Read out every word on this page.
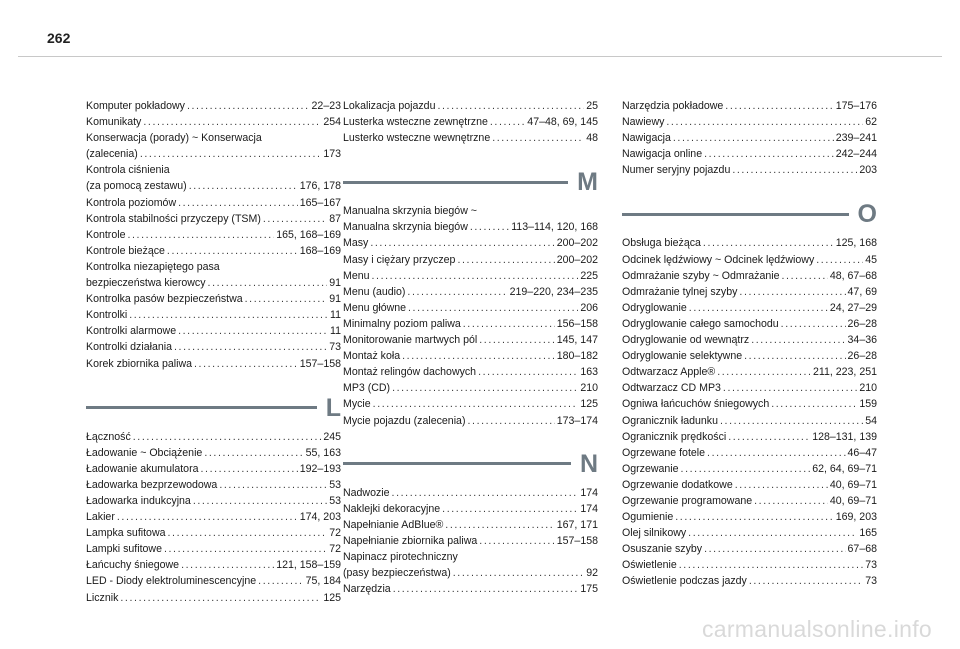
262
Komputer pokładowy .....	22–23
Komunikaty .....	254
Konserwacja (porady) ~ Konserwacja
(zalecenia) .....	173
Kontrola ciśnienia
(za pomocą zestawu) .....	176, 178
Kontrola poziomów .....	165–167
Kontrola stabilności przyczepy (TSM) .....	87
Kontrole .....	165, 168–169
Kontrole bieżące .....	168–169
Kontrolka niezapiętego pasa
bezpieczeństwa kierowcy .....	91
Kontrolka pasów bezpieczeństwa .....	91
Kontrolki .....	11
Kontrolki alarmowe .....	11
Kontrolki działania .....	73
Korek zbiornika paliwa .....	157–158
L
Łączność .....	245
Ładowanie ~ Obciążenie .....	55, 163
Ładowanie akumulatora .....	192–193
Ładowarka bezprzewodowa .....	53
Ładowarka indukcyjna .....	53
Lakier .....	174, 203
Lampka sufitowa .....	72
Lampki sufitowe .....	72
Łańcuchy śniegowe .....	121, 158–159
LED - Diody elektroluminescencyjne .....	75, 184
Licznik .....	125
Lokalizacja pojazdu .....	25
Lusterka wsteczne zewnętrzne .....	47–48, 69, 145
Lusterko wsteczne wewnętrzne .....	48
M
Manualna skrzynia biegów ~
Manualna skrzynia biegów .....	113–114, 120, 168
Masy .....	200–202
Masy i ciężary przyczep .....	200–202
Menu .....	225
Menu (audio) .....	219–220, 234–235
Menu główne .....	206
Minimalny poziom paliwa .....	156–158
Monitorowanie martwych pól .....	145, 147
Montaż koła .....	180–182
Montaż relingów dachowych .....	163
MP3 (CD) .....	210
Mycie .....	125
Mycie pojazdu (zalecenia) .....	173–174
N
Nadwozie .....	174
Naklejki dekoracyjne .....	174
Napełnianie AdBlue® .....	167, 171
Napełnianie zbiornika paliwa .....	157–158
Napinacz pirotechniczny
(pasy bezpieczeństwa) .....	92
Narzędzia .....	175
Narzędzia pokładowe .....	175–176
Nawiewy .....	62
Nawigacja .....	239–241
Nawigacja online .....	242–244
Numer seryjny pojazdu .....	203
O
Obsługa bieżąca .....	125, 168
Odcinek lędźwiowy ~ Odcinek lędźwiowy .....	45
Odmrażanie szyby ~ Odmrażanie .....	48, 67–68
Odmrażanie tylnej szyby .....	47, 69
Odryglowanie .....	24, 27–29
Odryglowanie całego samochodu .....	26–28
Odryglowanie od wewnątrz .....	34–36
Odryglowanie selektywne .....	26–28
Odtwarzacz Apple® .....	211, 223, 251
Odtwarzacz CD MP3 .....	210
Ogniwa łańcuchów śniegowych .....	159
Ogranicznik ładunku .....	54
Ogranicznik prędkości .....	128–131, 139
Ogrzewane fotele .....	46–47
Ogrzewanie .....	62, 64, 69–71
Ogrzewanie dodatkowe .....	40, 69–71
Ogrzewanie programowane .....	40, 69–71
Ogumienie .....	169, 203
Olej silnikowy .....	165
Osuszanie szyby .....	67–68
Oświetlenie .....	73
Oświetlenie podczas jazdy .....	73
carmanualsonline.info
